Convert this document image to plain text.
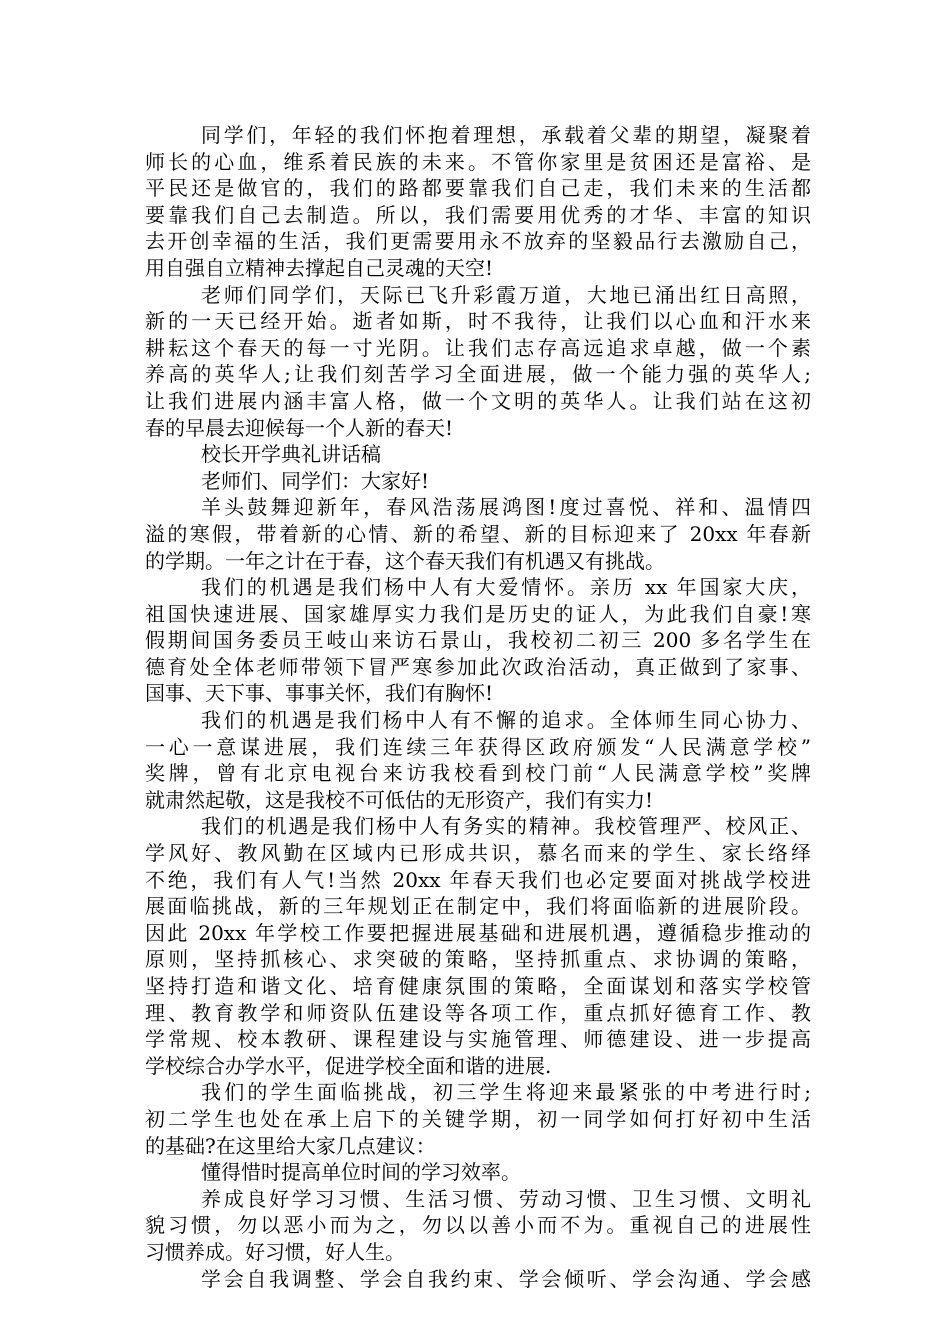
同学们，年轻的我们怀抱着理想，承载着父辈的期望，凝聚着
师长的心血，维系着民族的未来。不管你家里是贫困还是富裕、是
平民还是做官的，我们的路都要靠我们自己走，我们未来的生活都
要靠我们自己去制造。所以，我们需要用优秀的才华、丰富的知识
去开创幸福的生活，我们更需要用永不放弃的坚毅品行去激励自己，
用自强自立精神去撑起自己灵魂的天空!
老师们同学们，天际已飞升彩霞万道，大地已涌出红日高照，
新的一天已经开始。逝者如斯，时不我待，让我们以心血和汗水来
耕耘这个春天的每一寸光阴。让我们志存高远追求卓越，做一个素
养高的英华人;让我们刻苦学习全面进展，做一个能力强的英华人;
让我们进展内涵丰富人格，做一个文明的英华人。让我们站在这初
春的早晨去迎候每一个人新的春天!
校长开学典礼讲话稿
老师们、同学们：大家好!
羊头鼓舞迎新年，春风浩荡展鸿图!度过喜悦、祥和、温情四
溢的寒假，带着新的心情、新的希望、新的目标迎来了 20xx 年春新
的学期。一年之计在于春，这个春天我们有机遇又有挑战。
我们的机遇是我们杨中人有大爱情怀。亲历 xx 年国家大庆，
祖国快速进展、国家雄厚实力我们是历史的证人，为此我们自豪!寒
假期间国务委员王岐山来访石景山，我校初二初三 200 多名学生在
德育处全体老师带领下冒严寒参加此次政治活动，真正做到了家事、
国事、天下事、事事关怀，我们有胸怀!
我们的机遇是我们杨中人有不懈的追求。全体师生同心协力、
一心一意谋进展，我们连续三年获得区政府颁发“人民满意学校”
奖牌，曾有北京电视台来访我校看到校门前“人民满意学校”奖牌
就肃然起敬，这是我校不可低估的无形资产，我们有实力!
我们的机遇是我们杨中人有务实的精神。我校管理严、校风正、
学风好、教风勤在区域内已形成共识，慕名而来的学生、家长络绎
不绝，我们有人气!当然 20xx 年春天我们也必定要面对挑战学校进
展面临挑战，新的三年规划正在制定中，我们将面临新的进展阶段。
因此 20xx 年学校工作要把握进展基础和进展机遇，遵循稳步推动的
原则，坚持抓核心、求突破的策略，坚持抓重点、求协调的策略，
坚持打造和谐文化、培育健康氛围的策略，全面谋划和落实学校管
理、教育教学和师资队伍建设等各项工作，重点抓好德育工作、教
学常规、校本教研、课程建设与实施管理、师德建设、进一步提高
学校综合办学水平，促进学校全面和谐的进展.
我们的学生面临挑战，初三学生将迎来最紧张的中考进行时;
初二学生也处在承上启下的关键学期，初一同学如何打好初中生活
的基础?在这里给大家几点建议：
懂得惜时提高单位时间的学习效率。
养成良好学习习惯、生活习惯、劳动习惯、卫生习惯、文明礼
貌习惯，勿以恶小而为之，勿以以善小而不为。重视自己的进展性
习惯养成。好习惯，好人生。
学会自我调整、学会自我约束、学会倾听、学会沟通、学会感
